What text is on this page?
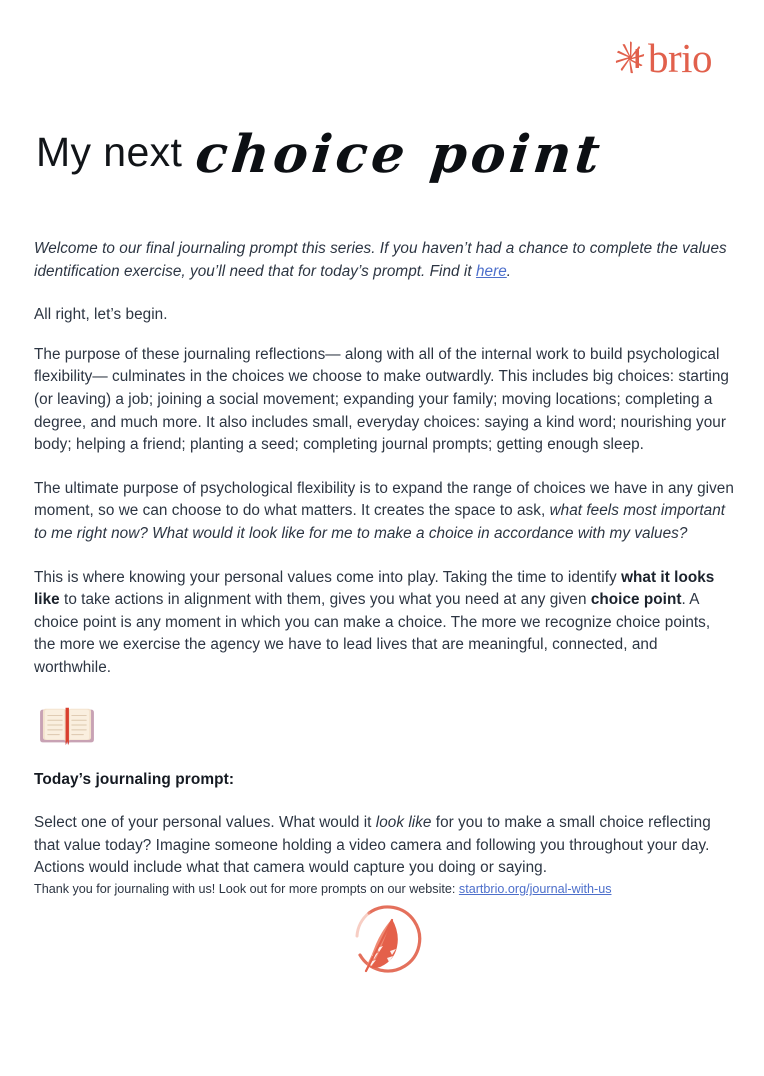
brio
My next choice point

Welcome to our final journaling prompt this series. If you haven’t had a chance to complete the values identification exercise, you’ll need that for today’s prompt. Find it here.

All right, let’s begin.

The purpose of these journaling reflections— along with all of the internal work to build psychological flexibility— culminates in the choices we choose to make outwardly. This includes big choices: starting (or leaving) a job; joining a social movement; expanding your family; moving locations; completing a degree, and much more. It also includes small, everyday choices: saying a kind word; nourishing your body; helping a friend; planting a seed; completing journal prompts; getting enough sleep.

The ultimate purpose of psychological flexibility is to expand the range of choices we have in any given moment, so we can choose to do what matters. It creates the space to ask, what feels most important to me right now? What would it look like for me to make a choice in accordance with my values?

This is where knowing your personal values come into play. Taking the time to identify what it looks like to take actions in alignment with them, gives you what you need at any given choice point. A choice point is any moment in which you can make a choice. The more we recognize choice points, the more we exercise the agency we have to lead lives that are meaningful, connected, and worthwhile.

Today’s journaling prompt:

Select one of your personal values. What would it look like for you to make a small choice reflecting that value today? Imagine someone holding a video camera and following you throughout your day. Actions would include what that camera would capture you doing or saying.

Thank you for journaling with us! Look out for more prompts on our website: startbrio.org/journal-with-us
